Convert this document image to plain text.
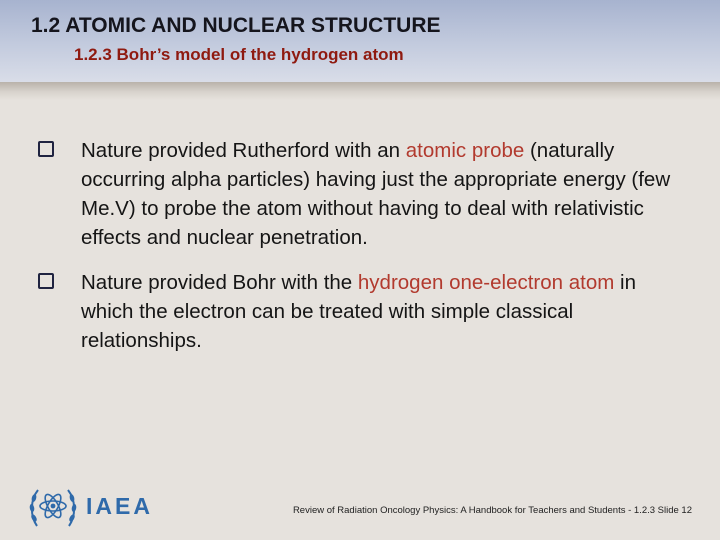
1.2 ATOMIC AND NUCLEAR STRUCTURE
1.2.3 Bohr’s model of the hydrogen atom
Nature provided Rutherford with an atomic probe (naturally occurring alpha particles) having just the appropriate energy (few Me.V) to probe the atom without having to deal with relativistic effects and nuclear penetration.
Nature provided Bohr with the hydrogen one-electron atom in which the electron can be treated with simple classical relationships.
IAEA	Review of Radiation Oncology Physics: A Handbook for Teachers and Students - 1.2.3 Slide 12
